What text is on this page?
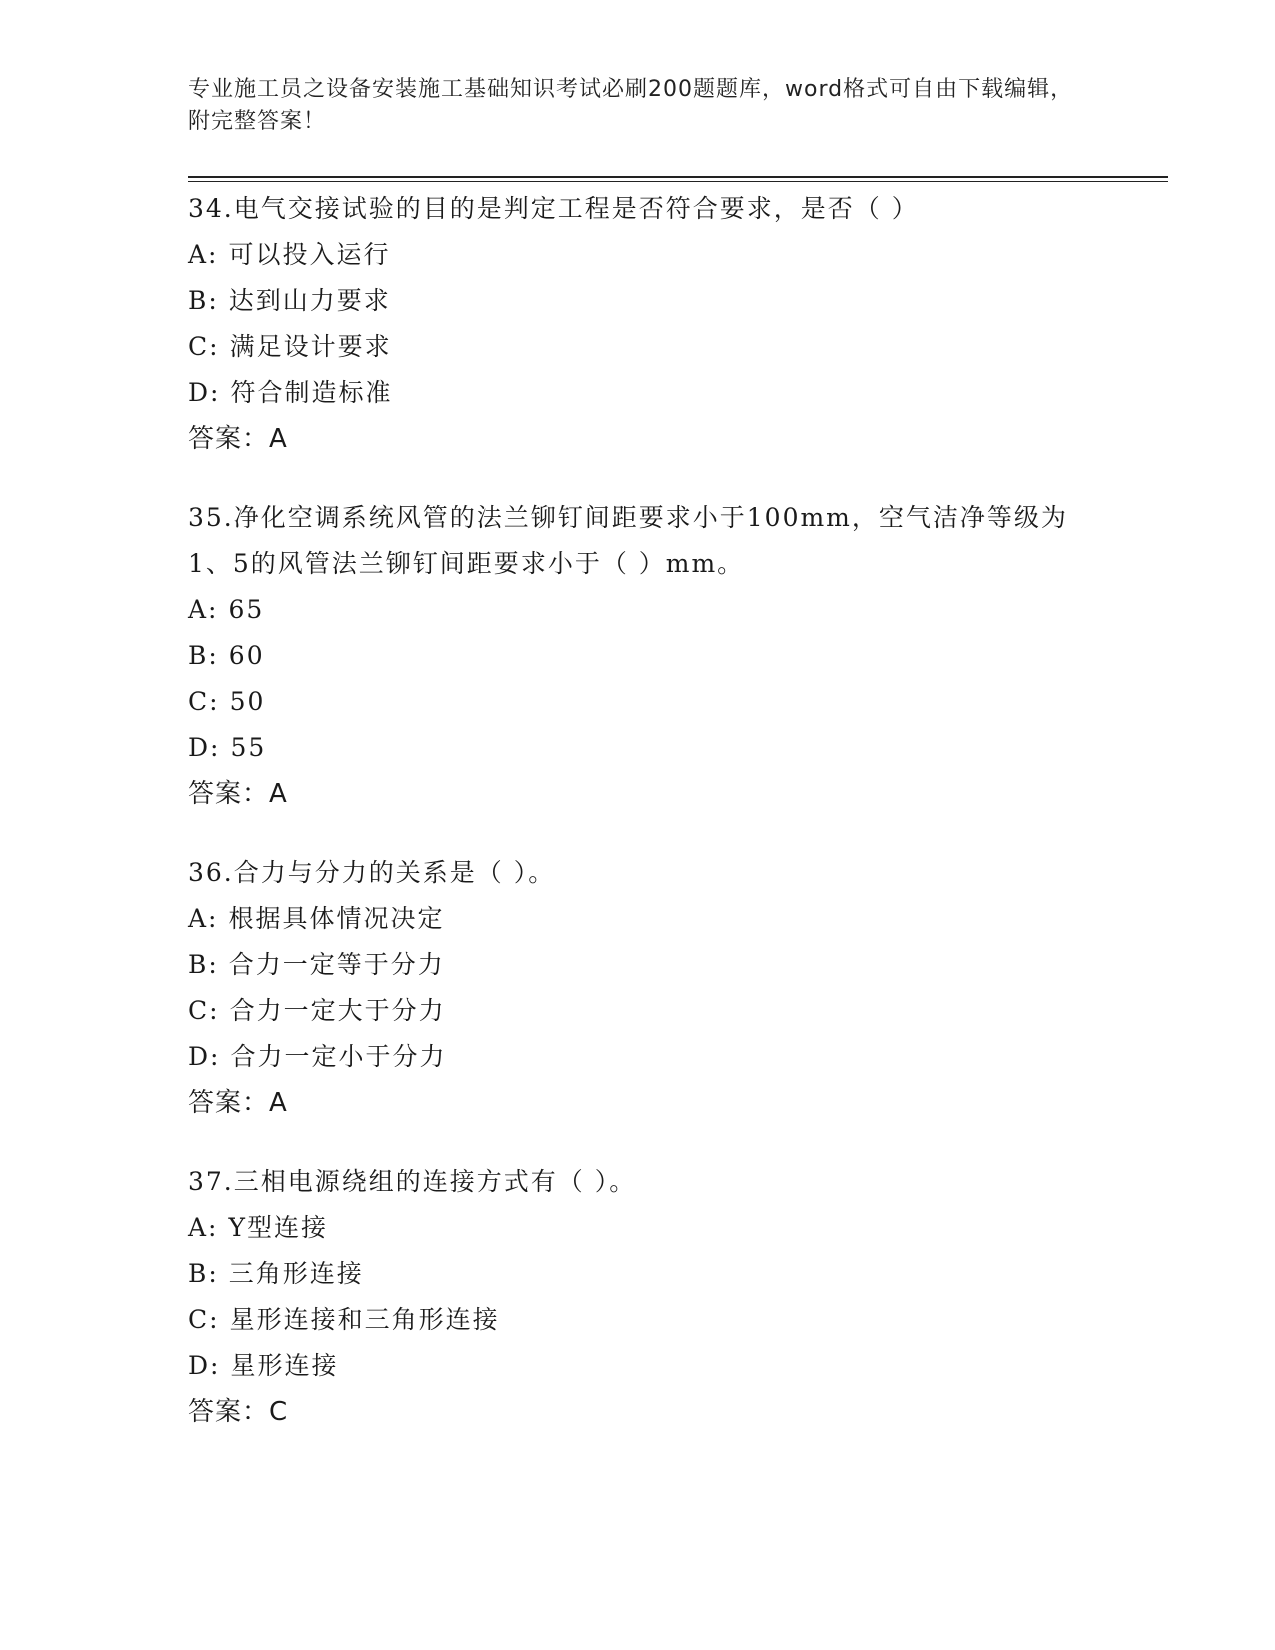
专业施工员之设备安装施工基础知识考试必刷200题题库，word格式可自由下载编辑，附完整答案！

34.电气交接试验的目的是判定工程是否符合要求，是否（ ）

A: 可以投入运行
B: 达到山力要求
C: 满足设计要求
D: 符合制造标准
答案：A

35.净化空调系统风管的法兰铆钉间距要求小于100mm，空气洁净等级为1、5的风管法兰铆钉间距要求小于（ ）mm。

A: 65
B: 60
C: 50
D: 55
答案：A

36.合力与分力的关系是（ ）。

A: 根据具体情况决定
B: 合力一定等于分力
C: 合力一定大于分力
D: 合力一定小于分力
答案：A

37.三相电源绕组的连接方式有（ ）。

A: Y型连接
B: 三角形连接
C: 星形连接和三角形连接
D: 星形连接
答案：C
